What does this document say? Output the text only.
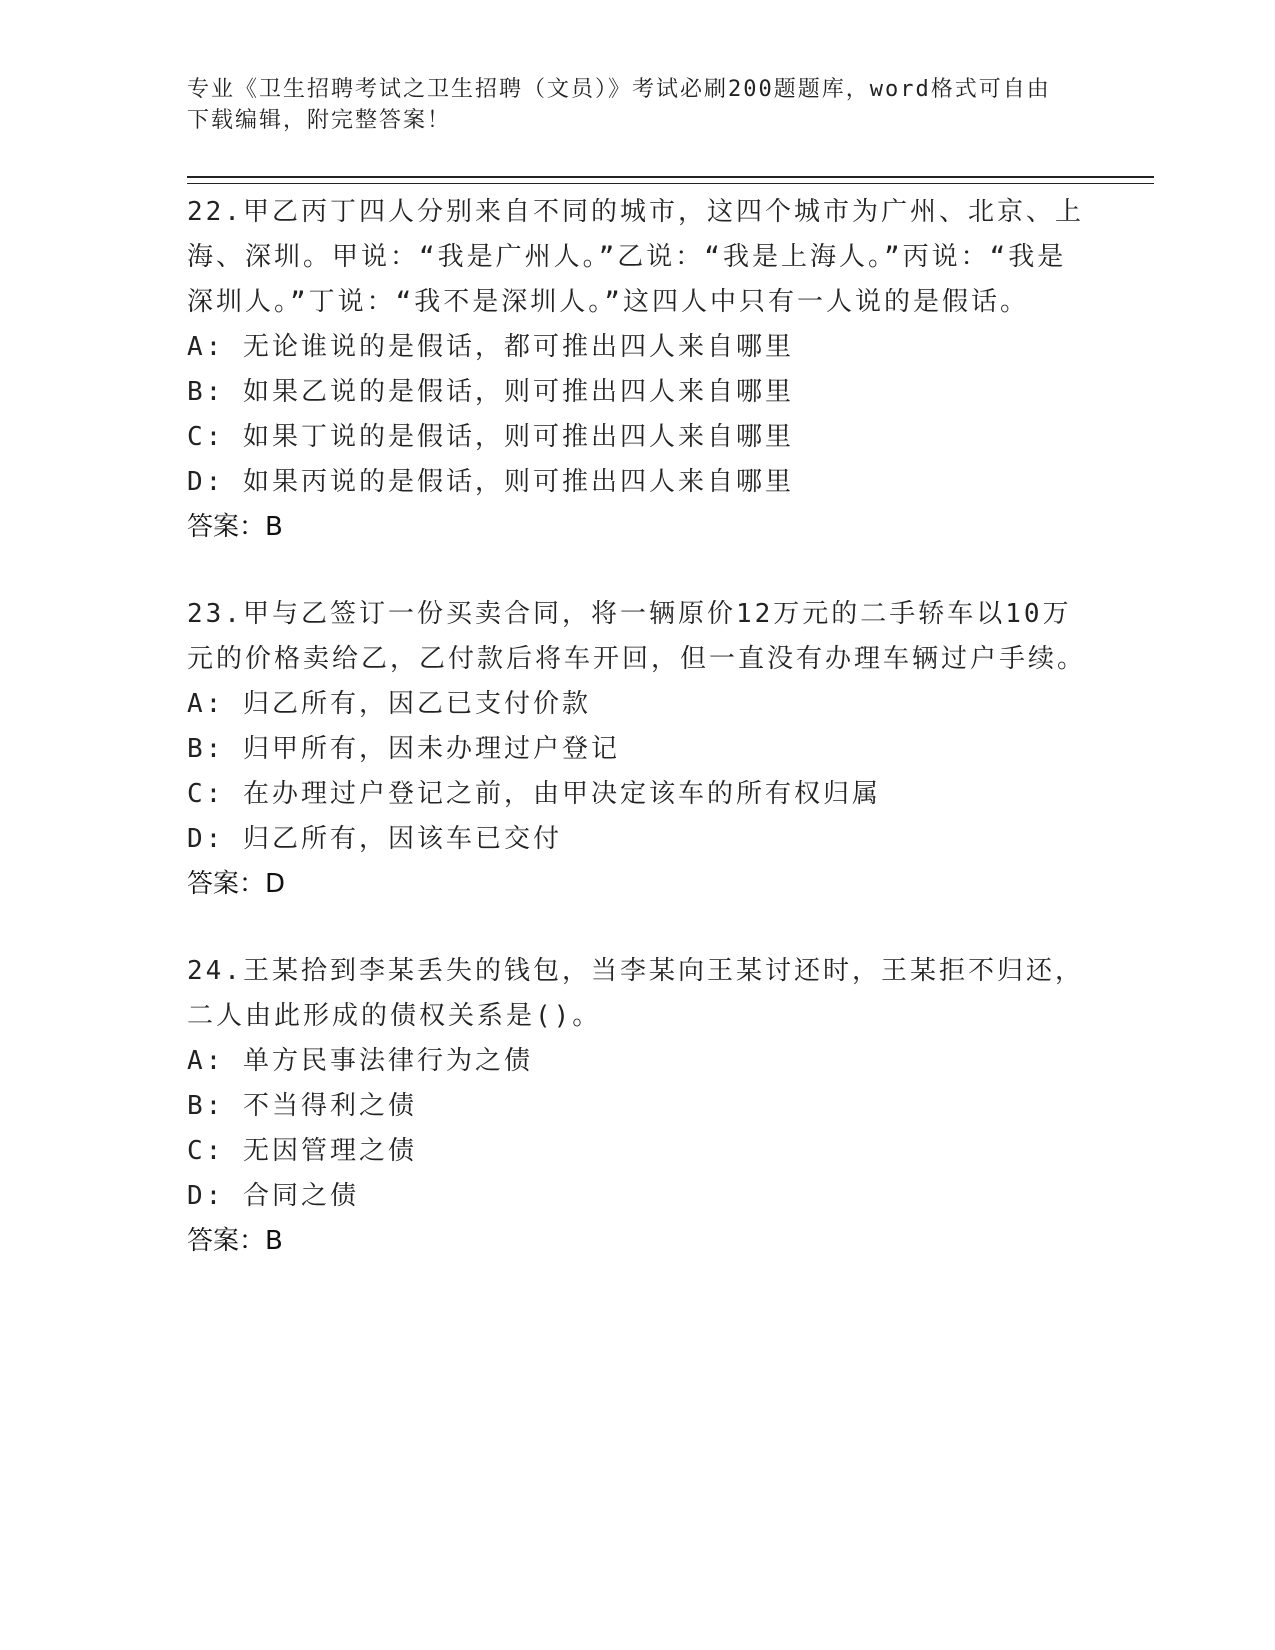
专业《卫生招聘考试之卫生招聘（文员）》考试必刷200题题库，word格式可自由下载编辑，附完整答案！

22.甲乙丙丁四人分别来自不同的城市，这四个城市为广州、北京、上海、深圳。甲说：“我是广州人。”乙说：“我是上海人。”丙说：“我是深圳人。”丁说：“我不是深圳人。”这四人中只有一人说的是假话。

A: 无论谁说的是假话，都可推出四人来自哪里

B: 如果乙说的是假话，则可推出四人来自哪里

C: 如果丁说的是假话，则可推出四人来自哪里

D: 如果丙说的是假话，则可推出四人来自哪里

答案：B

23.甲与乙签订一份买卖合同，将一辆原价12万元的二手轿车以10万元的价格卖给乙，乙付款后将车开回，但一直没有办理车辆过户手续。

A: 归乙所有，因乙已支付价款

B: 归甲所有，因未办理过户登记

C: 在办理过户登记之前，由甲决定该车的所有权归属

D: 归乙所有，因该车已交付

答案：D

24.王某拾到李某丢失的钱包，当李某向王某讨还时，王某拒不归还，二人由此形成的债权关系是()。

A: 单方民事法律行为之债

B: 不当得利之债

C: 无因管理之债

D: 合同之债

答案：B
